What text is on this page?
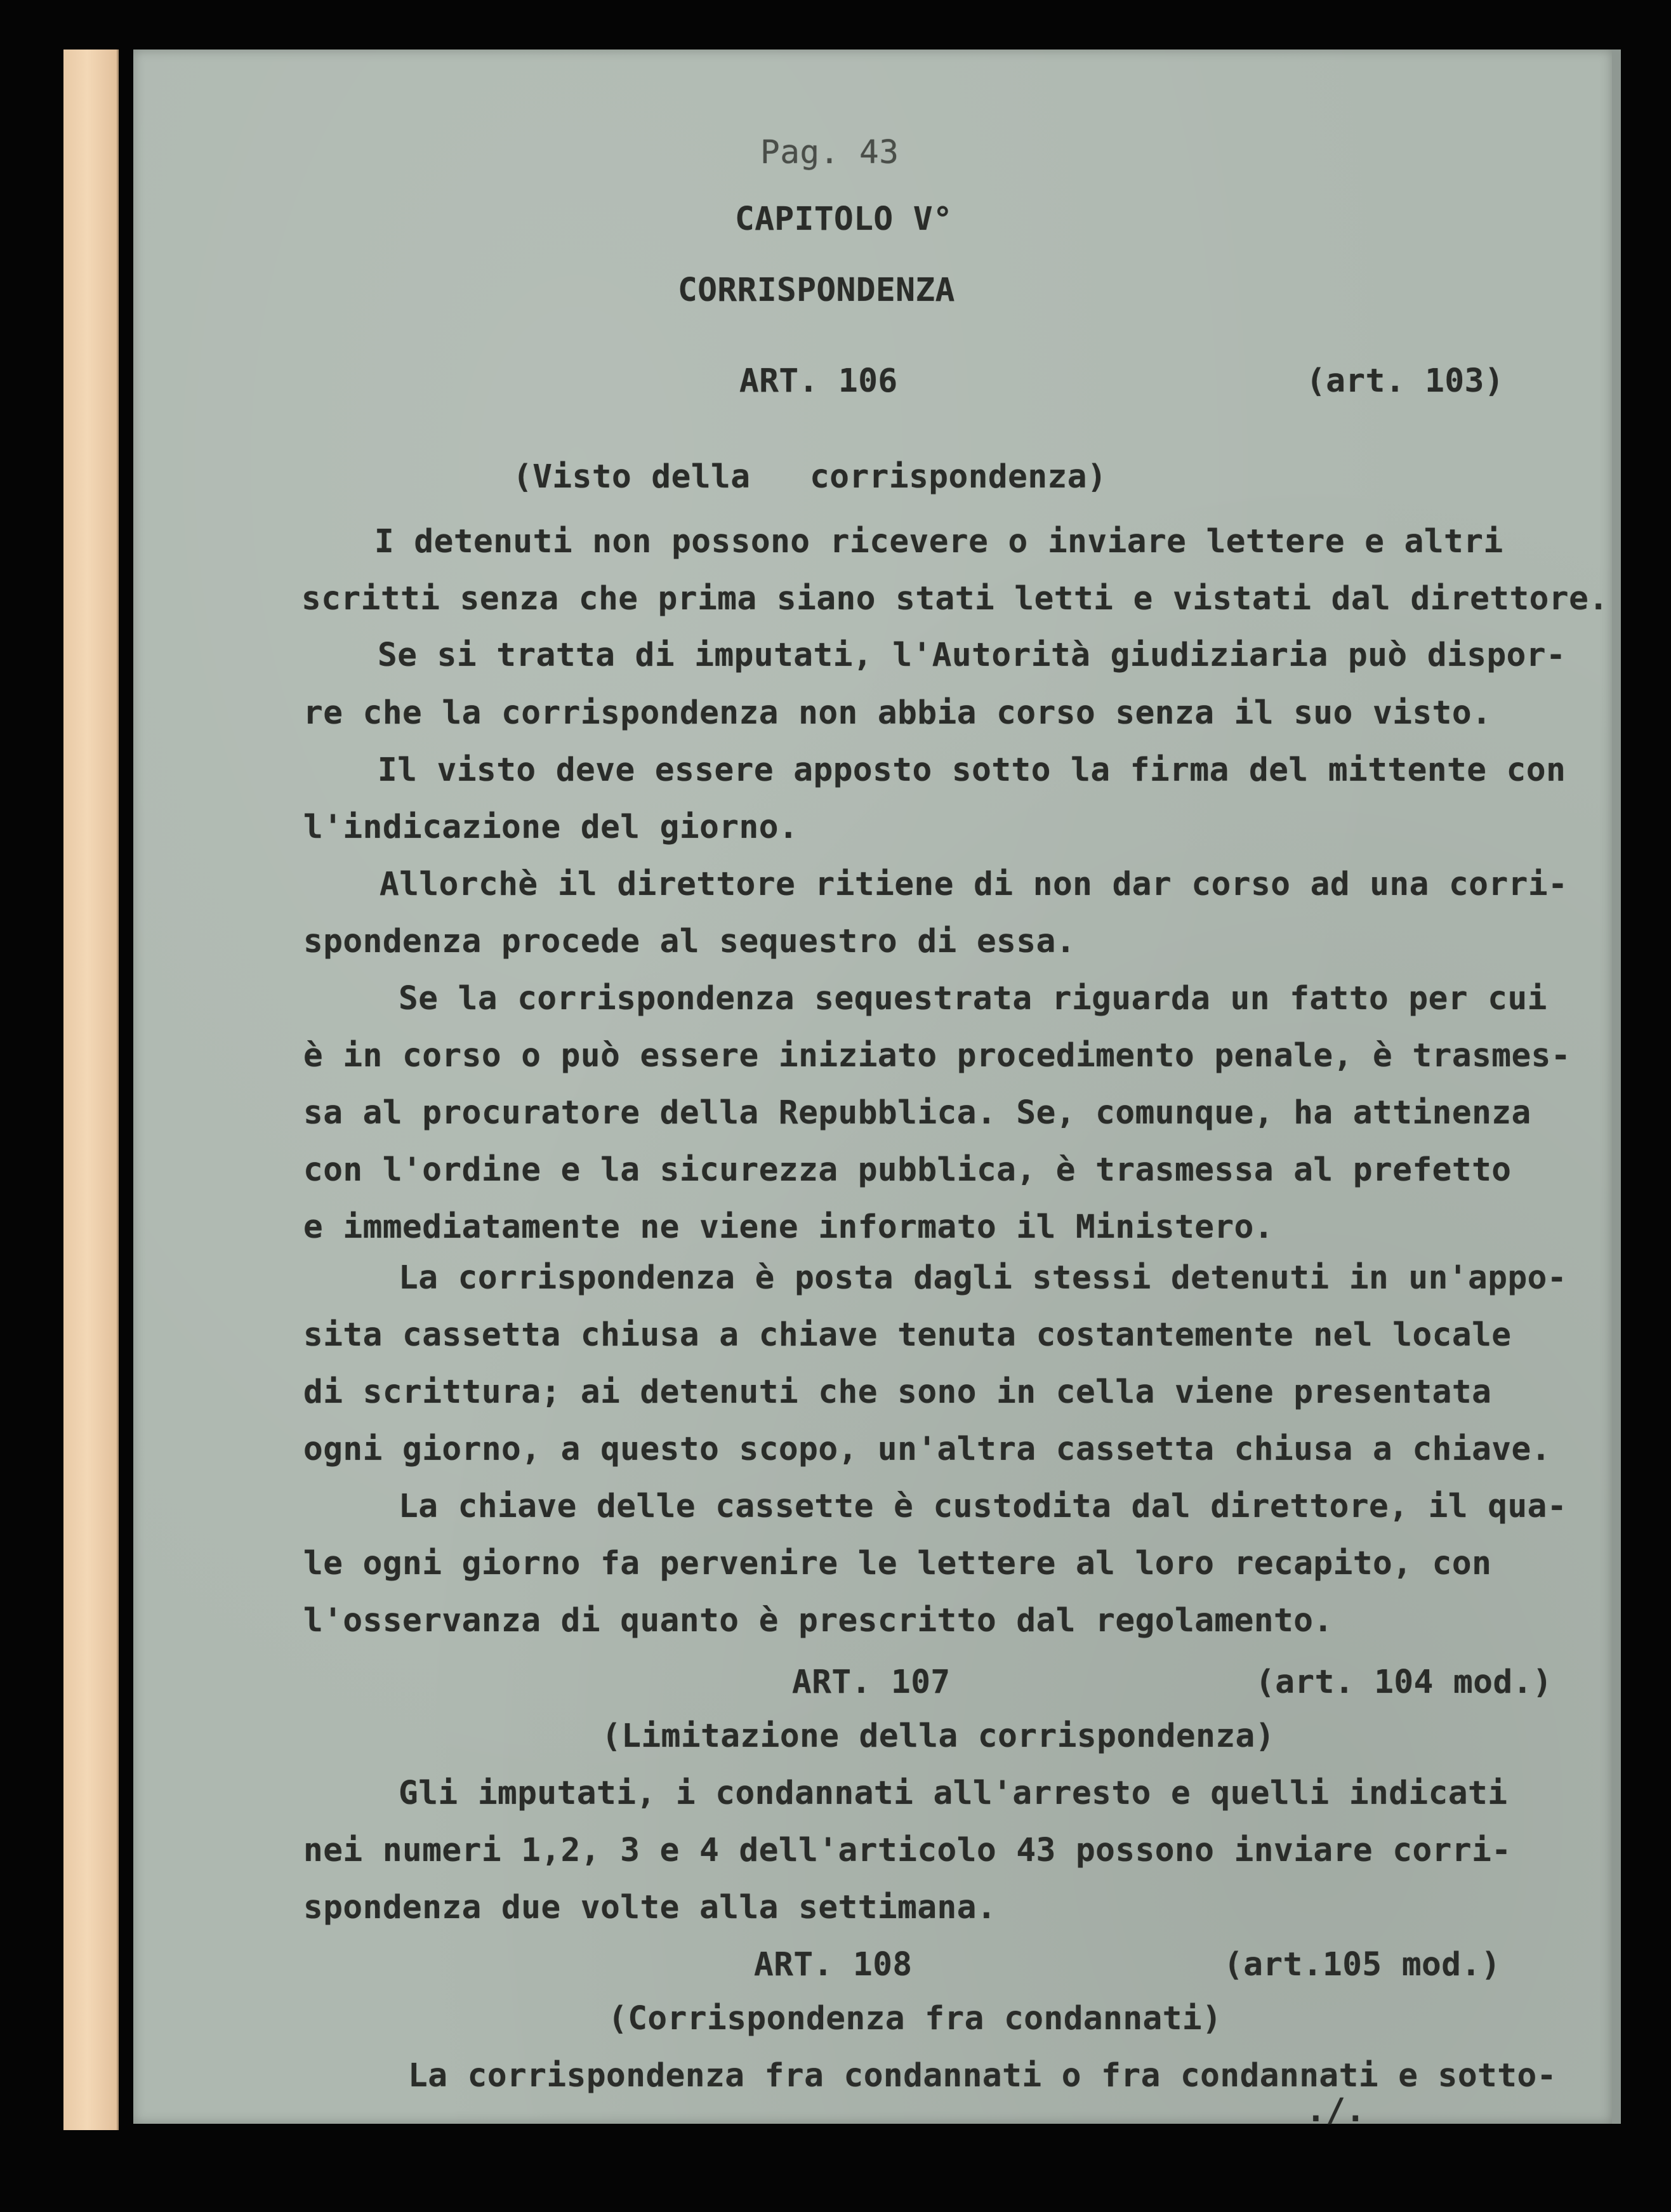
Pag. 43
CAPITOLO V°
CORRISPONDENZA
ART. 106	(art. 103)
(Visto della   corrispondenza)
I detenuti non possono ricevere o inviare lettere e altri
scritti senza che prima siano stati letti e vistati dal direttore.
Se si tratta di imputati, l'Autorità giudiziaria può dispor-
re che la corrispondenza non abbia corso senza il suo visto.
Il visto deve essere apposto sotto la firma del mittente con
l'indicazione del giorno.
Allorchè il direttore ritiene di non dar corso ad una corri-
spondenza procede al sequestro di essa.
Se la corrispondenza sequestrata riguarda un fatto per cui
è in corso o può essere iniziato procedimento penale, è trasmes-
sa al procuratore della Repubblica. Se, comunque, ha attinenza
con l'ordine e la sicurezza pubblica, è trasmessa al prefetto
e immediatamente ne viene informato il Ministero.
La corrispondenza è posta dagli stessi detenuti in un'appo-
sita cassetta chiusa a chiave tenuta costantemente nel locale
di scrittura; ai detenuti che sono in cella viene presentata
ogni giorno, a questo scopo, un'altra cassetta chiusa a chiave.
La chiave delle cassette è custodita dal direttore, il qua-
le ogni giorno fa pervenire le lettere al loro recapito, con
l'osservanza di quanto è prescritto dal regolamento.
ART. 107	(art. 104 mod.)
(Limitazione della corrispondenza)
Gli imputati, i condannati all'arresto e quelli indicati
nei numeri 1,2, 3 e 4 dell'articolo 43 possono inviare corri-
spondenza due volte alla settimana.
ART. 108	(art.105 mod.)
(Corrispondenza fra condannati)
La corrispondenza fra condannati o fra condannati e sotto-
./.
